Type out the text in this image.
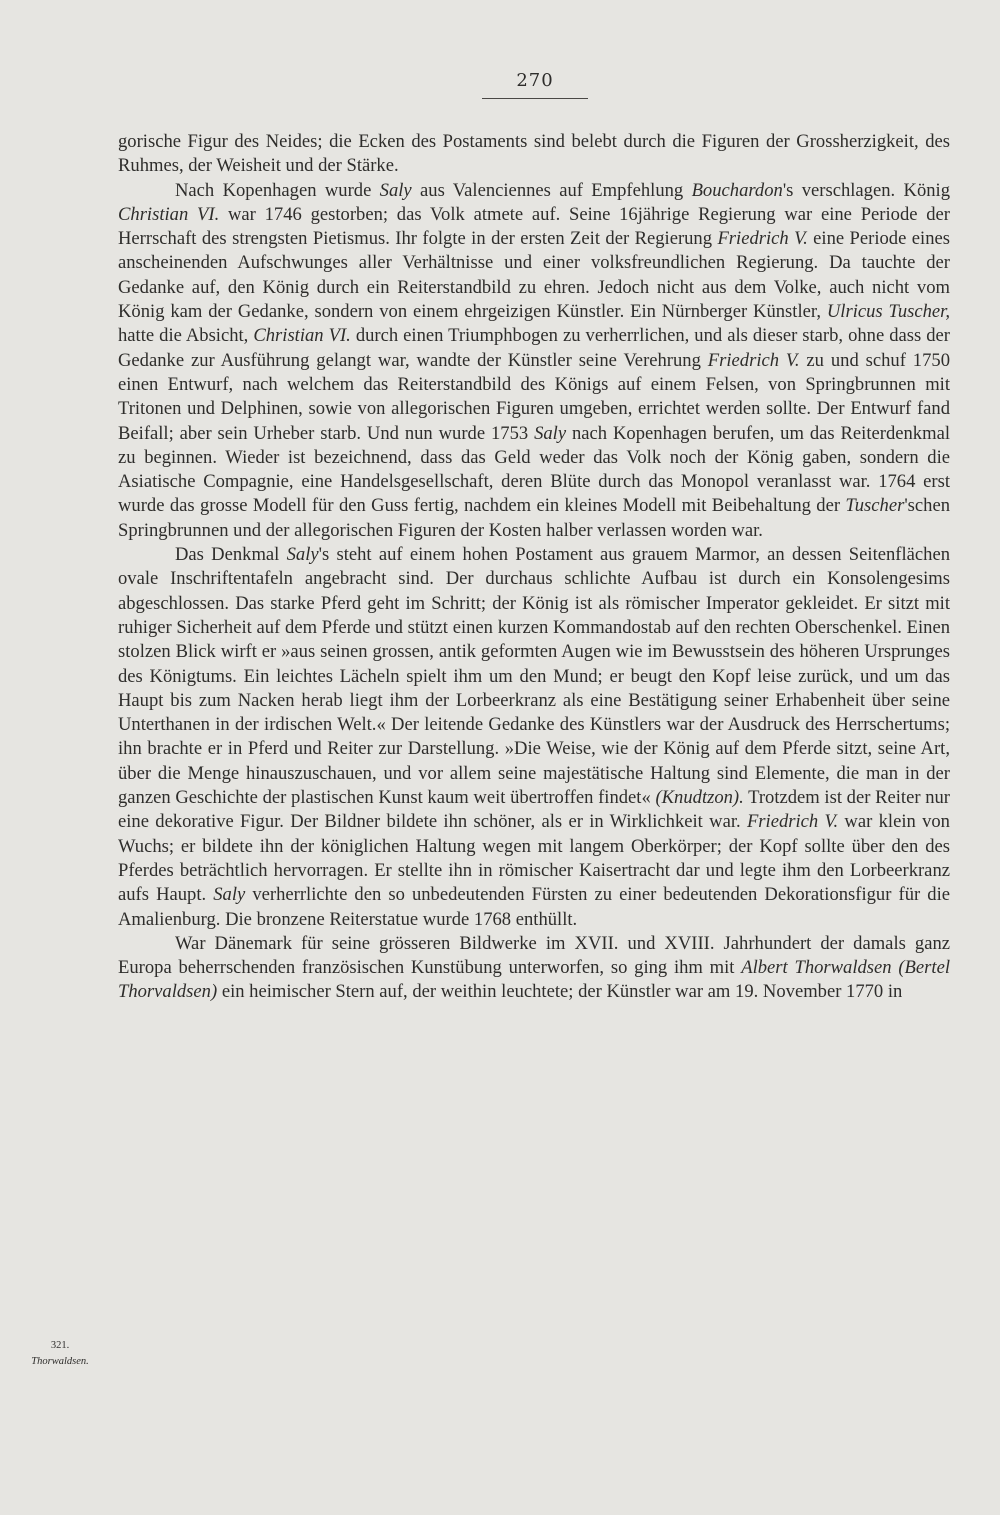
270

gorische Figur des Neides; die Ecken des Postaments sind belebt durch die Figuren der Grossherzigkeit, des Ruhmes, der Weisheit und der Stärke.

Nach Kopenhagen wurde Saly aus Valenciennes auf Empfehlung Bouchardon's verschlagen. König Christian VI. war 1746 gestorben; das Volk atmete auf. Seine 16jährige Regierung war eine Periode der Herrschaft des strengsten Pietismus. Ihr folgte in der ersten Zeit der Regierung Friedrich V. eine Periode eines anscheinenden Aufschwunges aller Verhältnisse und einer volksfreundlichen Regierung. Da tauchte der Gedanke auf, den König durch ein Reiterstandbild zu ehren. Jedoch nicht aus dem Volke, auch nicht vom König kam der Gedanke, sondern von einem ehrgeizigen Künstler. Ein Nürnberger Künstler, Ulricus Tuscher, hatte die Absicht, Christian VI. durch einen Triumphbogen zu verherrlichen, und als dieser starb, ohne dass der Gedanke zur Ausführung gelangt war, wandte der Künstler seine Verehrung Friedrich V. zu und schuf 1750 einen Entwurf, nach welchem das Reiterstandbild des Königs auf einem Felsen, von Springbrunnen mit Tritonen und Delphinen, sowie von allegorischen Figuren umgeben, errichtet werden sollte. Der Entwurf fand Beifall; aber sein Urheber starb. Und nun wurde 1753 Saly nach Kopenhagen berufen, um das Reiterdenkmal zu beginnen. Wieder ist bezeichnend, dass das Geld weder das Volk noch der König gaben, sondern die Asiatische Compagnie, eine Handelsgesellschaft, deren Blüte durch das Monopol veranlasst war. 1764 erst wurde das grosse Modell für den Guss fertig, nachdem ein kleines Modell mit Beibehaltung der Tuscher'schen Springbrunnen und der allegorischen Figuren der Kosten halber verlassen worden war.

Das Denkmal Saly's steht auf einem hohen Postament aus grauem Marmor, an dessen Seitenflächen ovale Inschriftentafeln angebracht sind. Der durchaus schlichte Aufbau ist durch ein Konsolengesims abgeschlossen. Das starke Pferd geht im Schritt; der König ist als römischer Imperator gekleidet. Er sitzt mit ruhiger Sicherheit auf dem Pferde und stützt einen kurzen Kommandostab auf den rechten Oberschenkel. Einen stolzen Blick wirft er »aus seinen grossen, antik geformten Augen wie im Bewusstsein des höheren Ursprunges des Königtums. Ein leichtes Lächeln spielt ihm um den Mund; er beugt den Kopf leise zurück, und um das Haupt bis zum Nacken herab liegt ihm der Lorbeerkranz als eine Bestätigung seiner Erhabenheit über seine Unterthanen in der irdischen Welt.« Der leitende Gedanke des Künstlers war der Ausdruck des Herrschertums; ihn brachte er in Pferd und Reiter zur Darstellung. »Die Weise, wie der König auf dem Pferde sitzt, seine Art, über die Menge hinauszuschauen, und vor allem seine majestätische Haltung sind Elemente, die man in der ganzen Geschichte der plastischen Kunst kaum weit übertroffen findet« (Knudtzon). Trotzdem ist der Reiter nur eine dekorative Figur. Der Bildner bildete ihn schöner, als er in Wirklichkeit war. Friedrich V. war klein von Wuchs; er bildete ihn der königlichen Haltung wegen mit langem Oberkörper; der Kopf sollte über den des Pferdes beträchtlich hervorragen. Er stellte ihn in römischer Kaisertracht dar und legte ihm den Lorbeerkranz aufs Haupt. Saly verherrlichte den so unbedeutenden Fürsten zu einer bedeutenden Dekorationsfigur für die Amalienburg. Die bronzene Reiterstatue wurde 1768 enthüllt.

War Dänemark für seine grösseren Bildwerke im XVII. und XVIII. Jahrhundert der damals ganz Europa beherrschenden französischen Kunstübung unterworfen, so ging ihm mit Albert Thorwaldsen (Bertel Thorvaldsen) ein heimischer Stern auf, der weithin leuchtete; der Künstler war am 19. November 1770 in

321.
Thorwaldsen.
